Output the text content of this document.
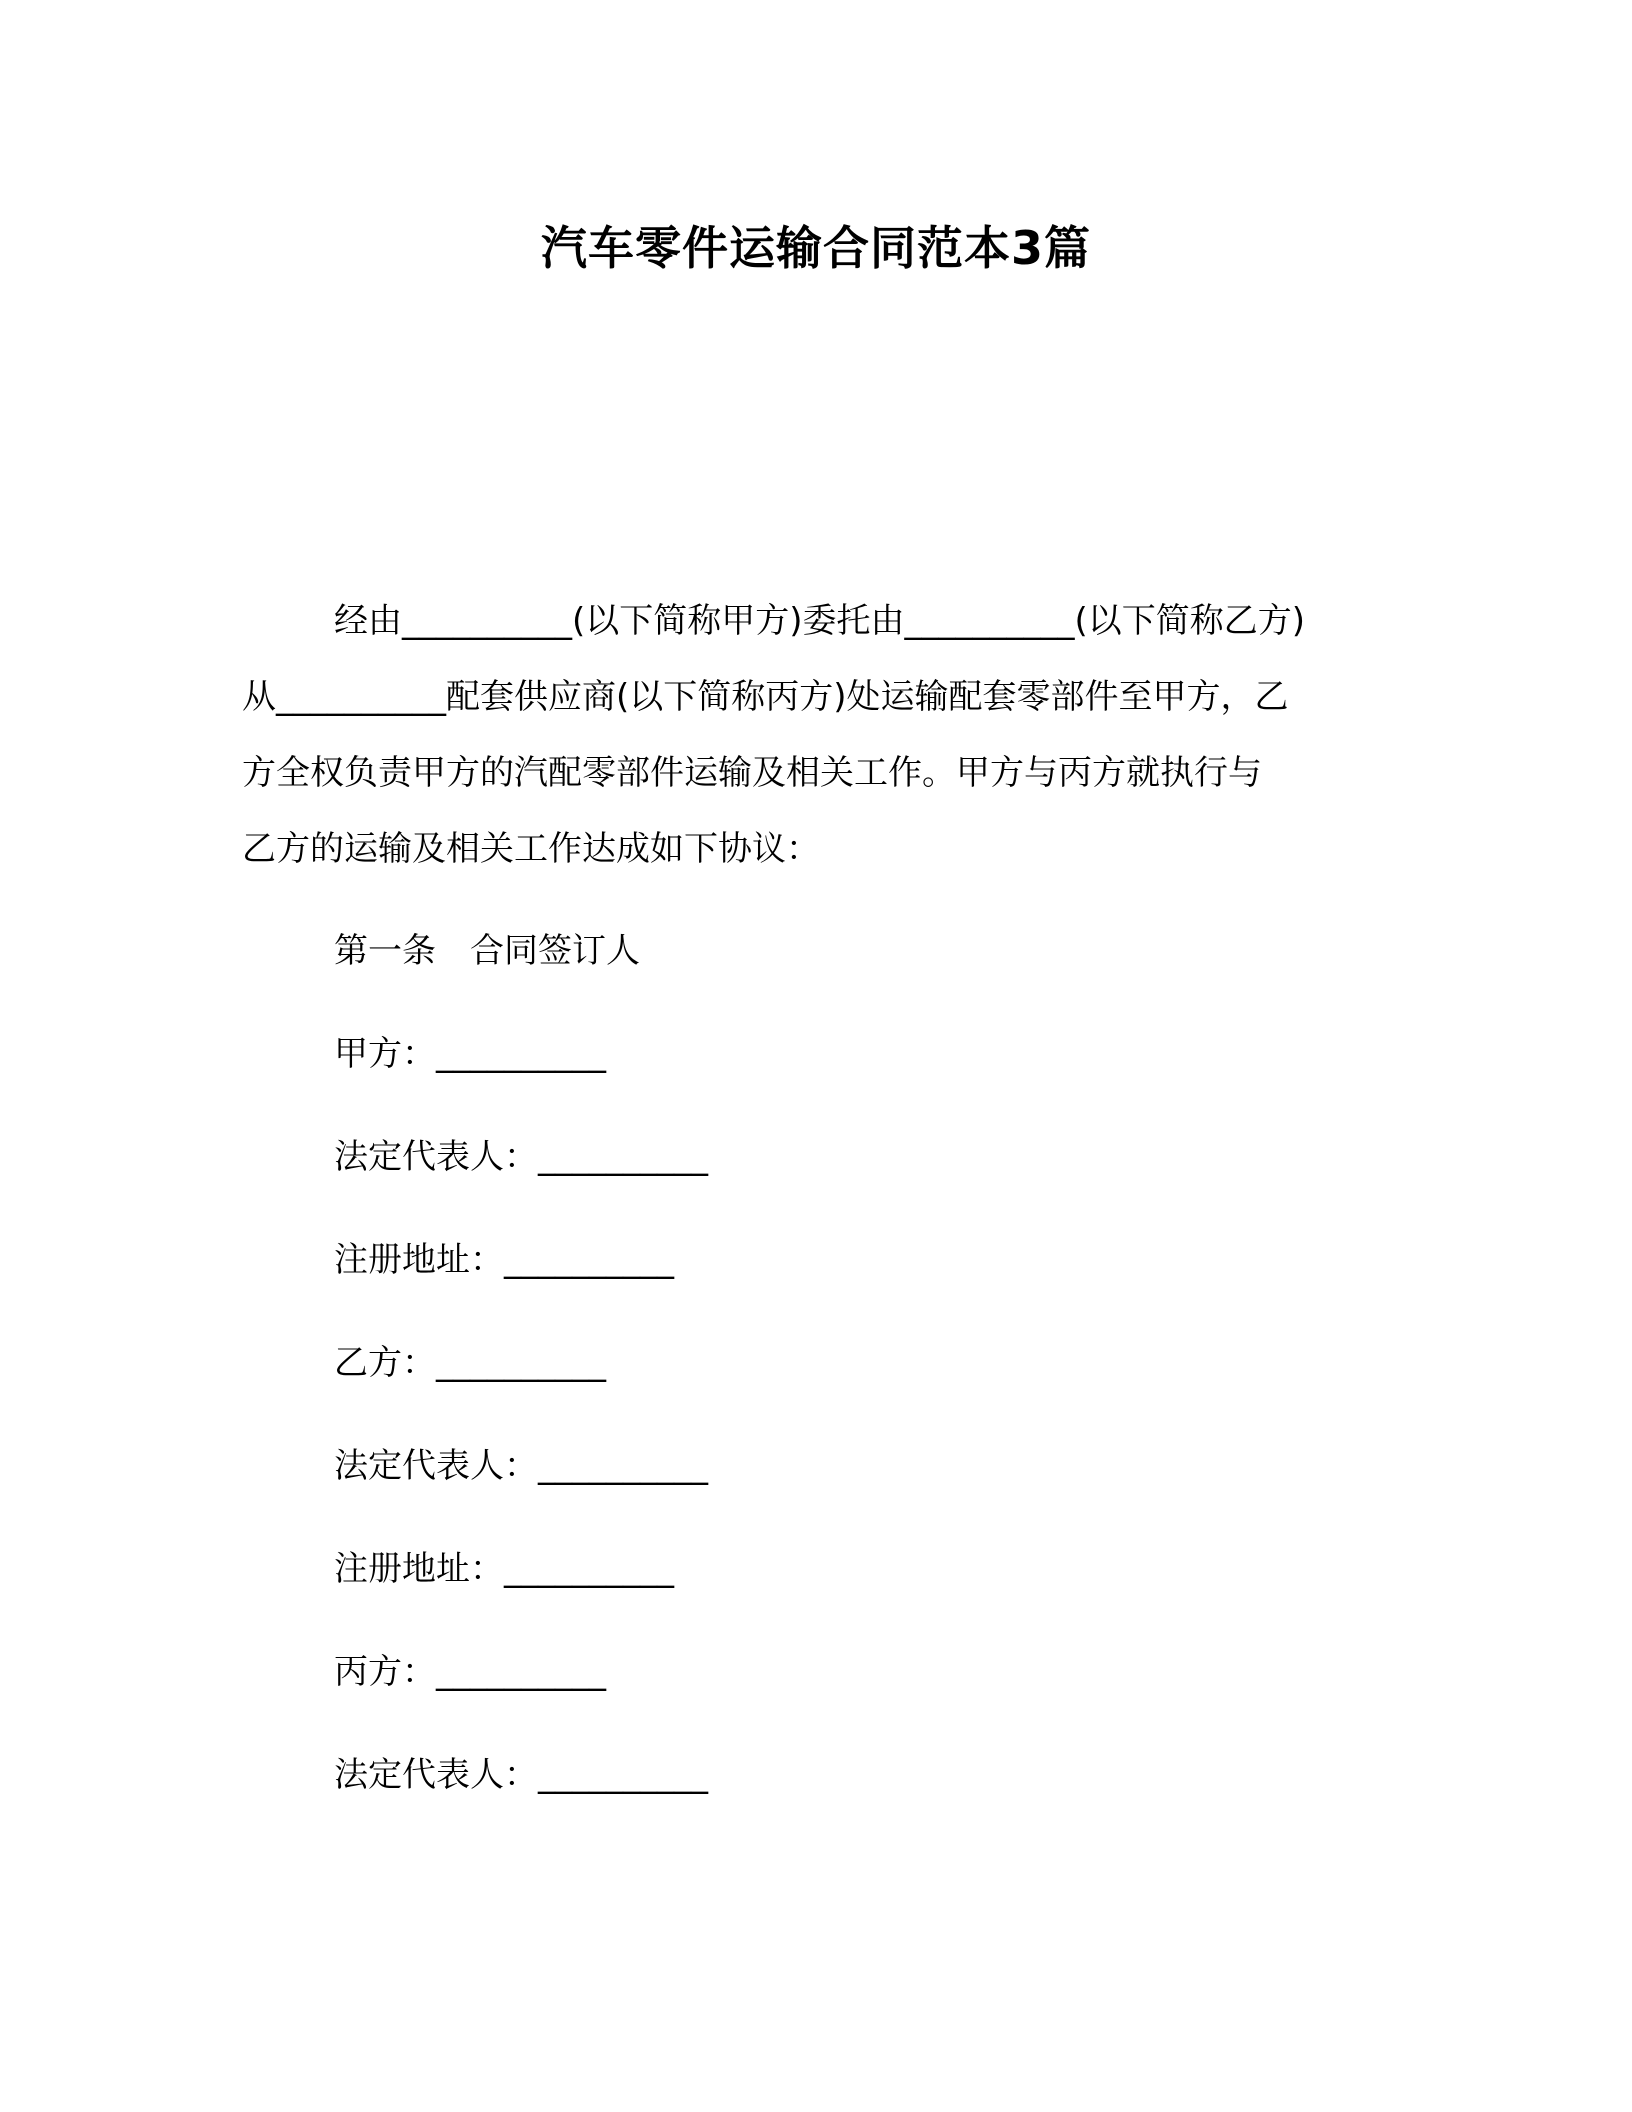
汽车零件运输合同范本3篇
经由__________(以下简称甲方)委托由__________(以下简称乙方)
从__________配套供应商(以下简称丙方)处运输配套零部件至甲方，乙
方全权负责甲方的汽配零部件运输及相关工作。甲方与丙方就执行与
乙方的运输及相关工作达成如下协议：
第一条　合同签订人
甲方：__________
法定代表人：__________
注册地址：__________
乙方：__________
法定代表人：__________
注册地址：__________
丙方：__________
法定代表人：__________
